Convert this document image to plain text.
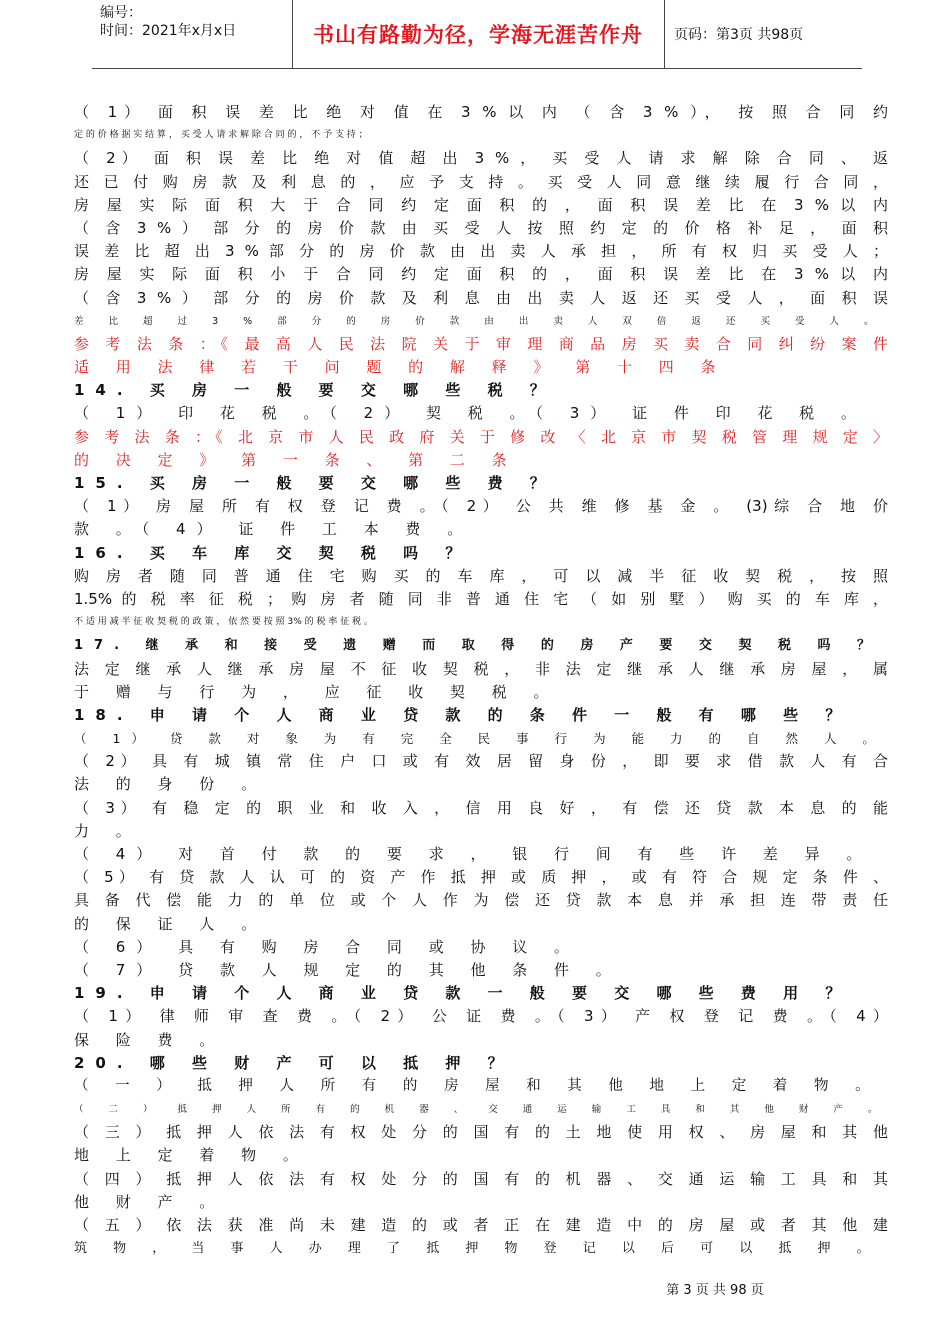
编号：
时间：2021年x月x日	书山有路勤为径，学海无涯苦作舟	页码：第3页 共98页
（ 1） 面 积 误 差 比 绝 对 值 在 3 % 以 内 （ 含 3 % ）， 按 照 合 同 约
定 的 价 格 据 实 结 算 ， 买 受 人 请 求 解 除 合 同 的 ， 不 予 支 持 ；
（ 2） 面 积 误 差 比 绝 对 值 超 出 3 % ， 买 受 人 请 求 解 除 合 同 、 返
还 已 付 购 房 款 及 利 息 的 ， 应 予 支 持 。 买 受 人 同 意 继 续 履 行 合 同 ，
房 屋 实 际 面 积 大 于 合 同 约 定 面 积 的 ， 面 积 误 差 比 在 3 % 以 内
（ 含 3 % ） 部 分 的 房 价 款 由 买 受 人 按 照 约 定 的 价 格 补 足 ， 面 积
误 差 比 超 出 3 % 部 分 的 房 价 款 由 出 卖 人 承 担 ， 所 有 权 归 买 受 人 ；
房 屋 实 际 面 积 小 于 合 同 约 定 面 积 的 ， 面 积 误 差 比 在 3 % 以 内
（ 含 3 % ） 部 分 的 房 价 款 及 利 息 由 出 卖 人 返 还 买 受 人 ， 面 积 误
差 比 超 过 3 % 部 分 的 房 价 款 由 出 卖 人 双 倍 返 还 买 受 人 。
参 考 法 条 ：《 最 高 人 民 法 院 关 于 审 理 商 品 房 买 卖 合 同 纠 纷 案 件
适 用 法 律 若 干 问 题 的 解 释 》 第 十 四 条
14. 买 房 一 般 要 交 哪 些 税 ？
（ 1） 印 花 税 。（ 2） 契 税 。（ 3） 证 件 印 花 税 。
参 考 法 条 ：《 北 京 市 人 民 政 府 关 于 修 改 〈 北 京 市 契 税 管 理 规 定 〉
的 决 定 》 第 一 条 、 第 二 条
15. 买 房 一 般 要 交 哪 些 费 ？
（ 1） 房 屋 所 有 权 登 记 费 。（ 2） 公 共 维 修 基 金 。 (3)综 合 地 价
款 。（ 4） 证 件 工 本 费 。
16. 买 车 库 交 契 税 吗 ？
购 房 者 随 同 普 通 住 宅 购 买 的 车 库 ， 可 以 减 半 征 收 契 税 ， 按 照
1.5% 的 税 率 征 税 ； 购 房 者 随 同 非 普 通 住 宅 （ 如 别 墅 ） 购 买 的 车 库 ，
不 适 用 减 半 征 收 契 税 的 政 策 ， 依 然 要 按 照 3% 的 税 率 征 税 。
17. 继 承 和 接 受 遗 赠 而 取 得 的 房 产 要 交 契 税 吗 ？
法 定 继 承 人 继 承 房 屋 不 征 收 契 税 ， 非 法 定 继 承 人 继 承 房 屋 ， 属
于 赠 与 行 为 ， 应 征 收 契 税 。
18. 申 请 个 人 商 业 贷 款 的 条 件 一 般 有 哪 些 ？
（ 1） 贷 款 对 象 为 有 完 全 民 事 行 为 能 力 的 自 然 人 。
（ 2） 具 有 城 镇 常 住 户 口 或 有 效 居 留 身 份 ， 即 要 求 借 款 人 有 合
法 的 身 份 。
（ 3） 有 稳 定 的 职 业 和 收 入 ， 信 用 良 好 ， 有 偿 还 贷 款 本 息 的 能
力 。
（ 4） 对 首 付 款 的 要 求 ， 银 行 间 有 些 许 差 异 。
（ 5） 有 贷 款 人 认 可 的 资 产 作 抵 押 或 质 押 ， 或 有 符 合 规 定 条 件 、
具 备 代 偿 能 力 的 单 位 或 个 人 作 为 偿 还 贷 款 本 息 并 承 担 连 带 责 任
的 保 证 人 。
（ 6） 具 有 购 房 合 同 或 协 议 。
（ 7） 贷 款 人 规 定 的 其 他 条 件 。
19. 申 请 个 人 商 业 贷 款 一 般 要 交 哪 些 费 用 ？
（ 1） 律 师 审 查 费 。（ 2） 公 证 费 。（ 3） 产 权 登 记 费 。（ 4）
保 险 费 。
20. 哪 些 财 产 可 以 抵 押 ？
（ 一 ） 抵 押 人 所 有 的 房 屋 和 其 他 地 上 定 着 物 。
（ 二 ） 抵 押 人 所 有 的 机 器 、 交 通 运 输 工 具 和 其 他 财 产 。
（ 三 ） 抵 押 人 依 法 有 权 处 分 的 国 有 的 土 地 使 用 权 、 房 屋 和 其 他
地 上 定 着 物 。
（ 四 ） 抵 押 人 依 法 有 权 处 分 的 国 有 的 机 器 、 交 通 运 输 工 具 和 其
他 财 产 。
（ 五 ） 依 法 获 准 尚 未 建 造 的 或 者 正 在 建 造 中 的 房 屋 或 者 其 他 建
筑 物 ， 当 事 人 办 理 了 抵 押 物 登 记 以 后 可 以 抵 押 。
第 3 页 共 98 页
